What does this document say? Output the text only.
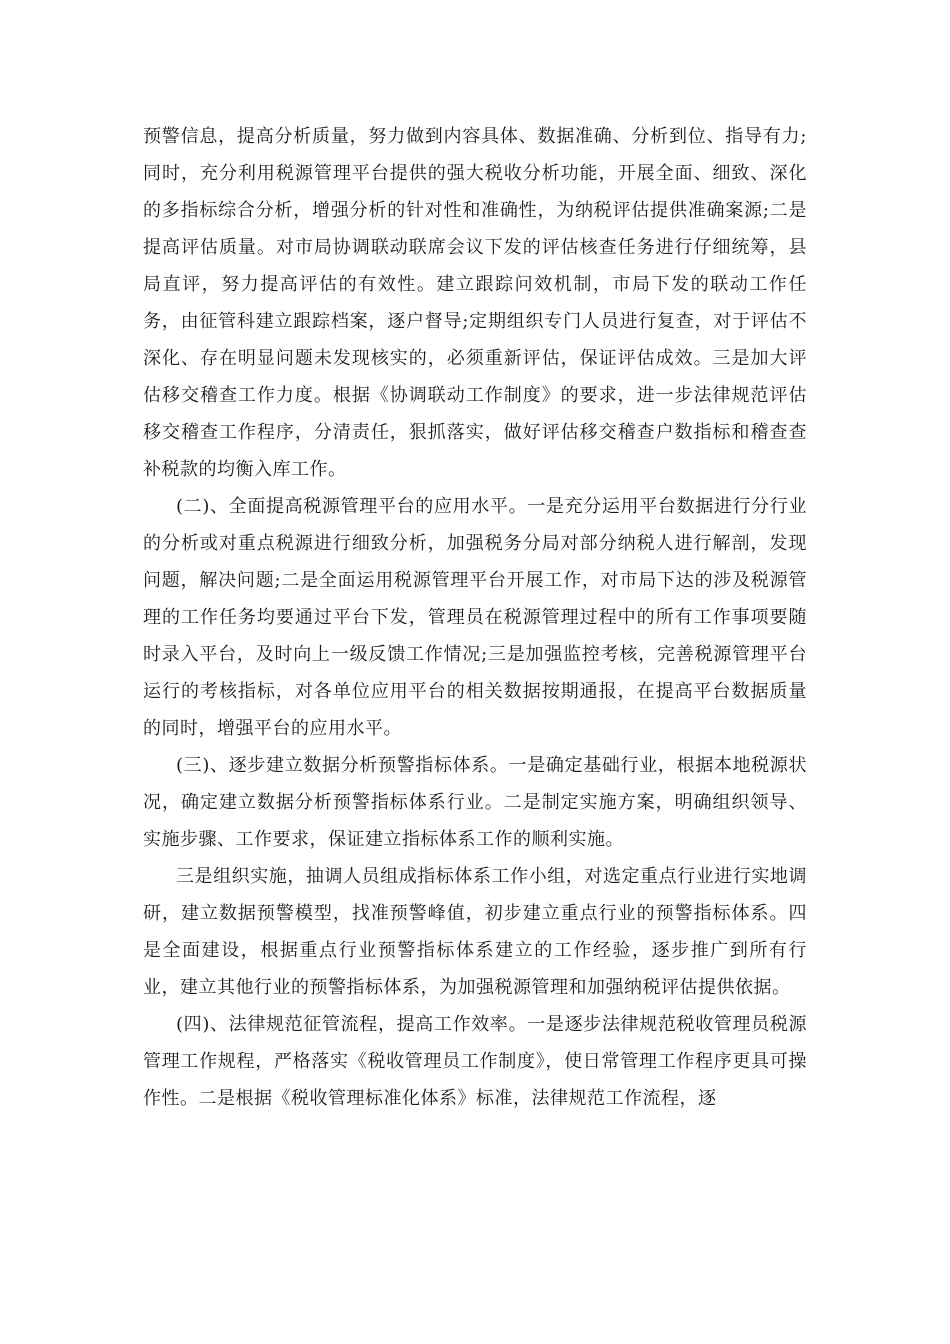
预警信息，提高分析质量，努力做到内容具体、数据准确、分析到位、指导有力;同时，充分利用税源管理平台提供的强大税收分析功能，开展全面、细致、深化的多指标综合分析，增强分析的针对性和准确性，为纳税评估提供准确案源;二是提高评估质量。对市局协调联动联席会议下发的评估核查任务进行仔细统筹，县局直评，努力提高评估的有效性。建立跟踪问效机制，市局下发的联动工作任务，由征管科建立跟踪档案，逐户督导;定期组织专门人员进行复查，对于评估不深化、存在明显问题未发现核实的，必须重新评估，保证评估成效。三是加大评估移交稽查工作力度。根据《协调联动工作制度》的要求，进一步法律规范评估移交稽查工作程序，分清责任，狠抓落实，做好评估移交稽查户数指标和稽查查补税款的均衡入库工作。

(二)、全面提高税源管理平台的应用水平。一是充分运用平台数据进行分行业的分析或对重点税源进行细致分析，加强税务分局对部分纳税人进行解剖，发现问题，解决问题;二是全面运用税源管理平台开展工作，对市局下达的涉及税源管理的工作任务均要通过平台下发，管理员在税源管理过程中的所有工作事项要随时录入平台，及时向上一级反馈工作情况;三是加强监控考核，完善税源管理平台运行的考核指标，对各单位应用平台的相关数据按期通报，在提高平台数据质量的同时，增强平台的应用水平。

(三)、逐步建立数据分析预警指标体系。一是确定基础行业，根据本地税源状况，确定建立数据分析预警指标体系行业。二是制定实施方案，明确组织领导、实施步骤、工作要求，保证建立指标体系工作的顺利实施。

三是组织实施，抽调人员组成指标体系工作小组，对选定重点行业进行实地调研，建立数据预警模型，找准预警峰值，初步建立重点行业的预警指标体系。四是全面建设，根据重点行业预警指标体系建立的工作经验，逐步推广到所有行业，建立其他行业的预警指标体系，为加强税源管理和加强纳税评估提供依据。

(四)、法律规范征管流程，提高工作效率。一是逐步法律规范税收管理员税源管理工作规程，严格落实《税收管理员工作制度》，使日常管理工作程序更具可操作性。二是根据《税收管理标准化体系》标准，法律规范工作流程，逐
